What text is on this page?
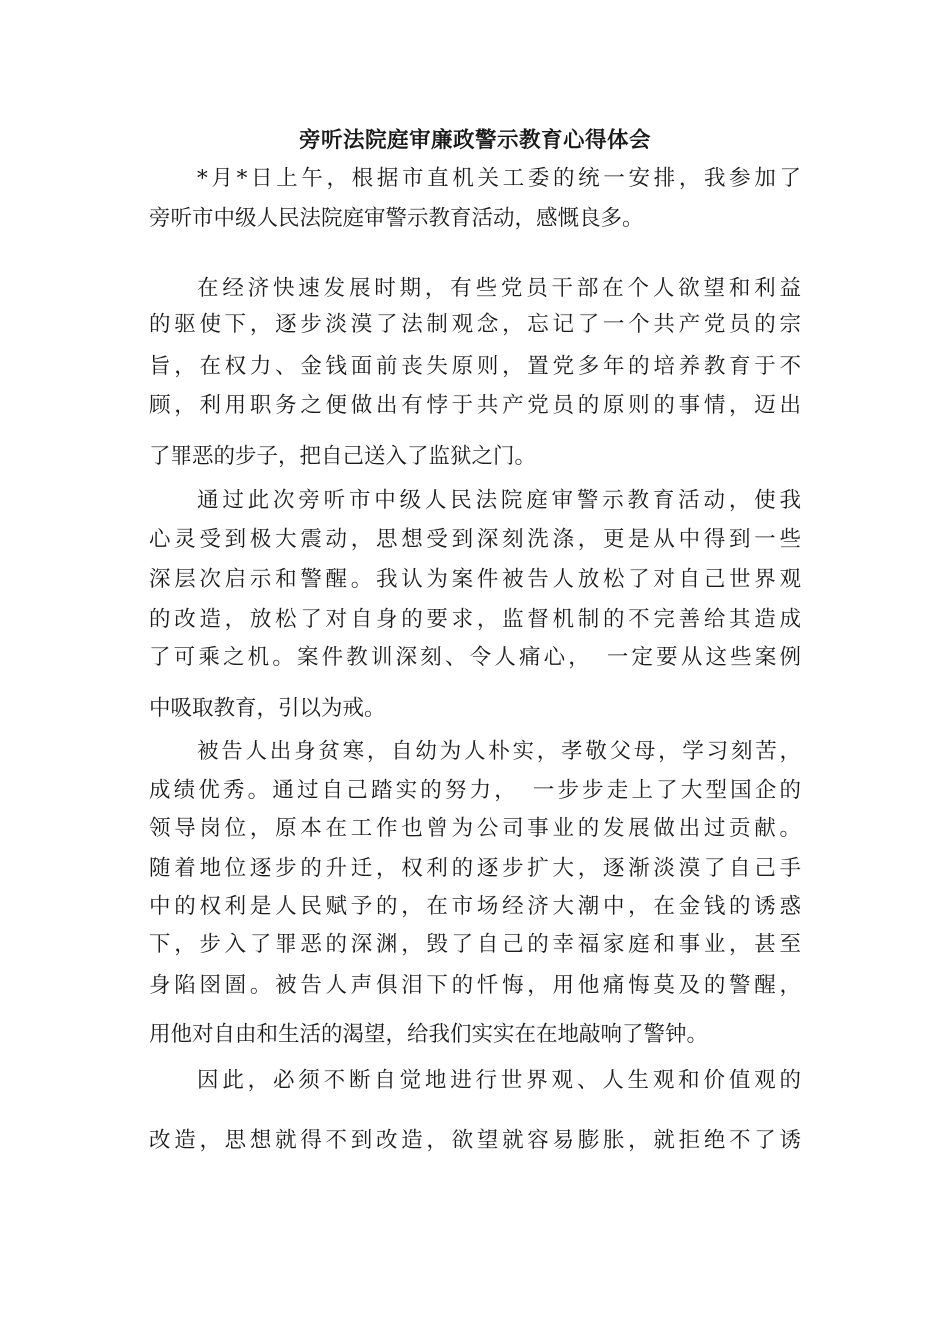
旁听法院庭审廉政警示教育心得体会

*月*日上午，根据市直机关工委的统一安排，我参加了

旁听市中级人民法院庭审警示教育活动，感慨良多。

在经济快速发展时期，有些党员干部在个人欲望和利益

的驱使下，逐步淡漠了法制观念，忘记了一个共产党员的宗

旨，在权力、金钱面前丧失原则，置党多年的培养教育于不

顾，利用职务之便做出有悖于共产党员的原则的事情，迈出

了罪恶的步子，把自己送入了监狱之门。

通过此次旁听市中级人民法院庭审警示教育活动，使我

心灵受到极大震动，思想受到深刻洗涤，更是从中得到一些

深层次启示和警醒。我认为案件被告人放松了对自己世界观

的改造，放松了对自身的要求，监督机制的不完善给其造成

了可乘之机。案件教训深刻、令人痛心，　一定要从这些案例

中吸取教育，引以为戒。

被告人出身贫寒，自幼为人朴实，孝敬父母，学习刻苦，

成绩优秀。通过自己踏实的努力，　一步步走上了大型国企的

领导岗位，原本在工作也曾为公司事业的发展做出过贡献。

随着地位逐步的升迁，权利的逐步扩大，逐渐淡漠了自己手

中的权利是人民赋予的，在市场经济大潮中，在金钱的诱惑

下，步入了罪恶的深渊，毁了自己的幸福家庭和事业，甚至

身陷囹圄。被告人声俱泪下的忏悔，用他痛悔莫及的警醒，

用他对自由和生活的渴望，给我们实实在在地敲响了警钟。

因此，必须不断自觉地进行世界观、人生观和价值观的

改造，思想就得不到改造，欲望就容易膨胀，就拒绝不了诱
